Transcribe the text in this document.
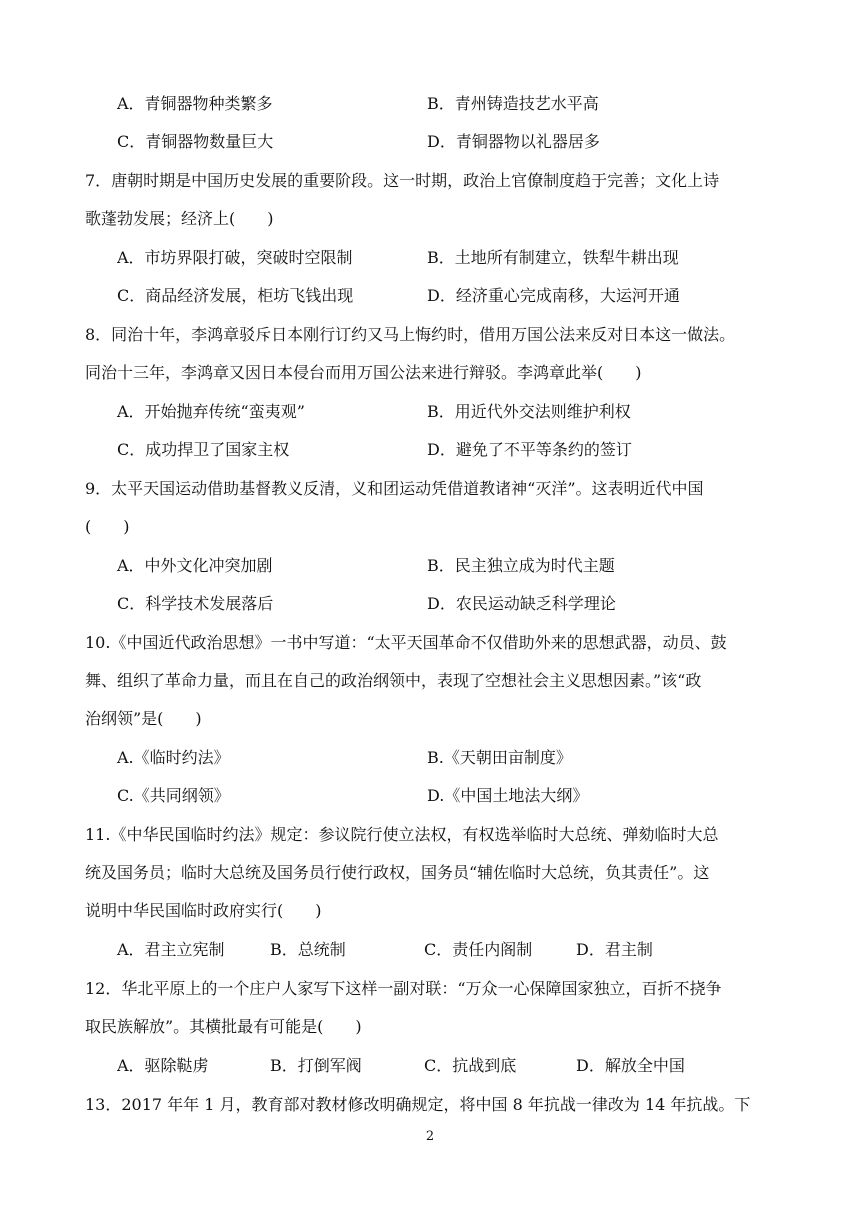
A．青铜器物种类繁多	B．青州铸造技艺水平高
C．青铜器物数量巨大	D．青铜器物以礼器居多
7．唐朝时期是中国历史发展的重要阶段。这一时期，政治上官僚制度趋于完善；文化上诗
歌蓬勃发展；经济上(　　)
A．市坊界限打破，突破时空限制	B．土地所有制建立，铁犁牛耕出现
C．商品经济发展，柜坊飞钱出现	D．经济重心完成南移，大运河开通
8．同治十年，李鸿章驳斥日本刚行订约又马上悔约时，借用万国公法来反对日本这一做法。
同治十三年，李鸿章又因日本侵台而用万国公法来进行辩驳。李鸿章此举(　　)
A．开始抛弃传统“蛮夷观”	B．用近代外交法则维护利权
C．成功捍卫了国家主权	D．避免了不平等条约的签订
9．太平天国运动借助基督教义反清，义和团运动凭借道教诸神“灭洋”。这表明近代中国
(　　)
A．中外文化冲突加剧	B．民主独立成为时代主题
C．科学技术发展落后	D．农民运动缺乏科学理论
10.《中国近代政治思想》一书中写道：“太平天国革命不仅借助外来的思想武器，动员、鼓
舞、组织了革命力量，而且在自己的政治纲领中，表现了空想社会主义思想因素。”该“政
治纲领”是(　　)
A.《临时约法》	B.《天朝田亩制度》
C.《共同纲领》	D.《中国土地法大纲》
11.《中华民国临时约法》规定：参议院行使立法权，有权选举临时大总统、弹劾临时大总
统及国务员；临时大总统及国务员行使行政权，国务员“辅佐临时大总统，负其责任”。这
说明中华民国临时政府实行(　　)
A．君主立宪制	B．总统制	C．责任内阁制	D．君主制
12．华北平原上的一个庄户人家写下这样一副对联：“万众一心保障国家独立，百折不挠争
取民族解放”。其横批最有可能是(　　)
A．驱除鞑虏	B．打倒军阀	C．抗战到底	D．解放全中国
13．2017 年年 1 月，教育部对教材修改明确规定，将中国 8 年抗战一律改为 14 年抗战。下
2
